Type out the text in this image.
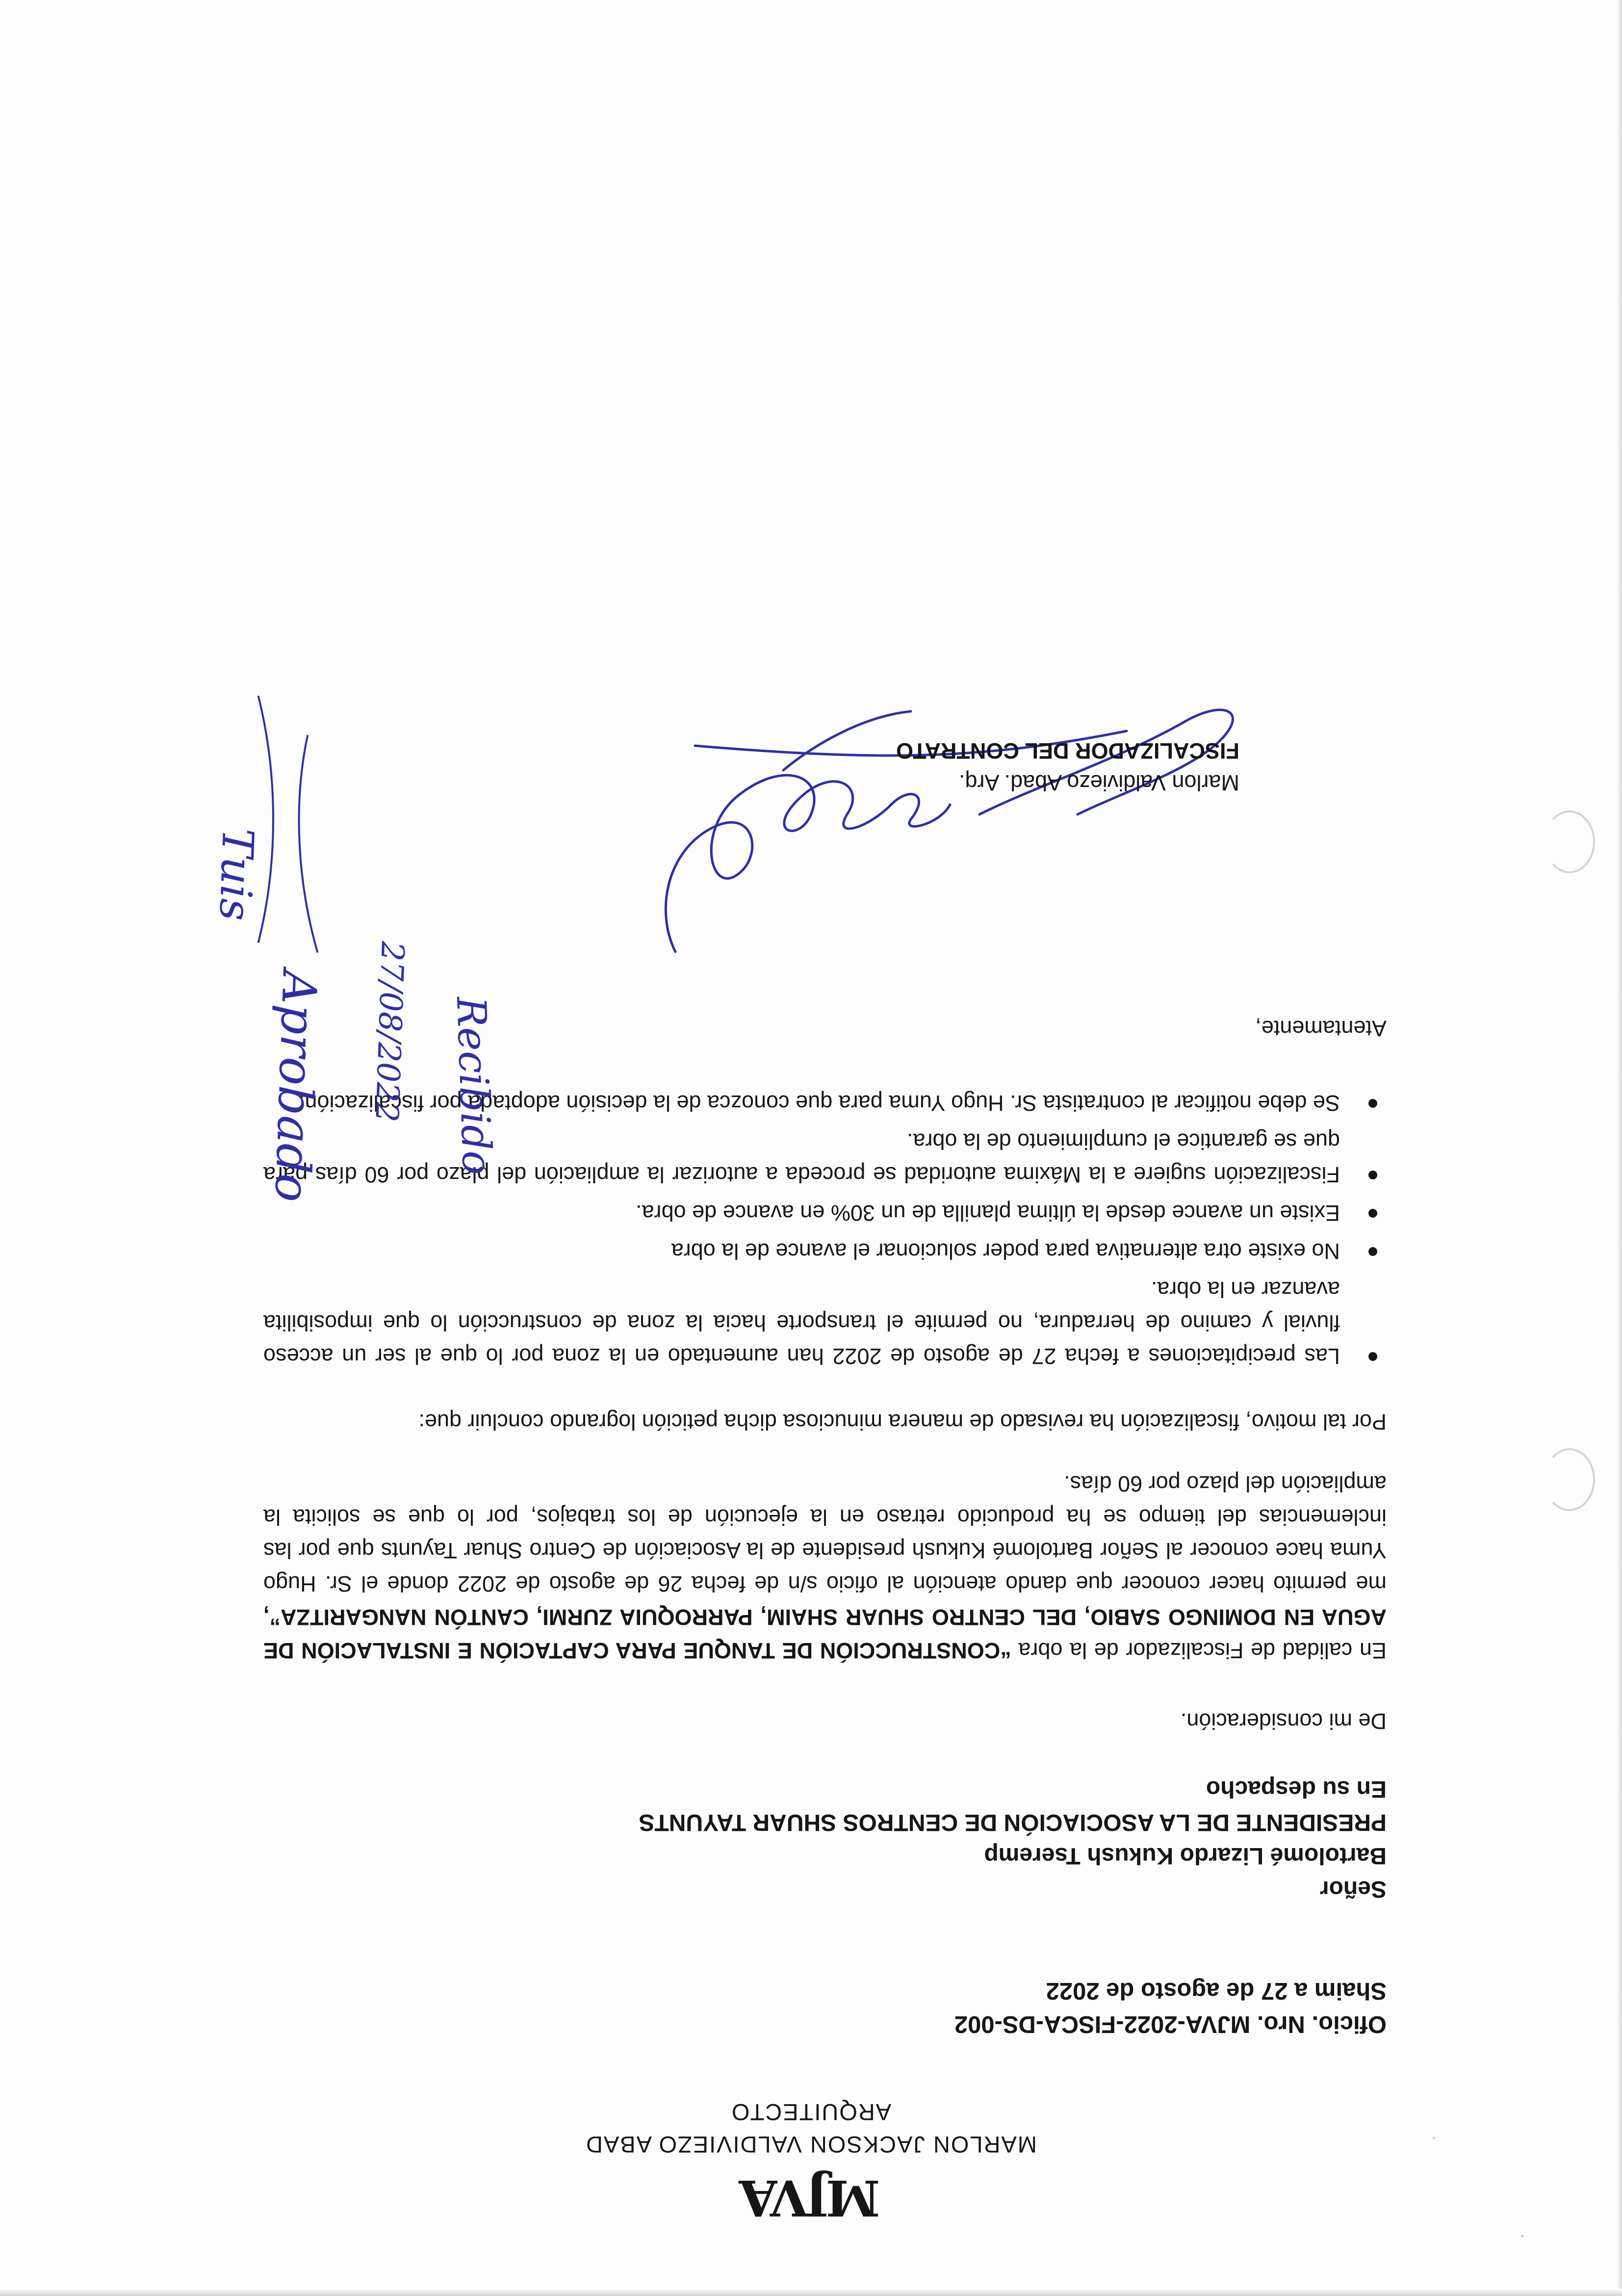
MJVA
MARLON JACKSON VALDIVIEZO ABAD
ARQUITECTO

Oficio. Nro. MJVA-2022-FISCA-DS-002

Shaim a 27 de agosto de 2022

Señor
Bartolomé Lizardo Kukush Tseremp
PRESIDENTE DE LA ASOCIACIÓN DE CENTROS SHUAR TAYUNTS
En su despacho

De mi consideración.

En calidad de Fiscalizador de la obra “CONSTRUCCIÓN DE TANQUE PARA CAPTACIÓN E INSTALACIÓN DE AGUA EN DOMINGO SABIO, DEL CENTRO SHUAR SHAIM, PARROQUIA ZURMI, CANTÓN NANGARITZA”, me permito hacer conocer que dando atención al oficio s/n de fecha 26 de agosto de 2022 donde el Sr. Hugo Yuma hace conocer al Señor Bartolomé Kukush presidente de la Asociación de Centro Shuar Tayunts que por las inclemencias del tiempo se ha producido retraso en la ejecución de los trabajos, por lo que se solicita la ampliación del plazo por 60 días.

Por tal motivo, fiscalización ha revisado de manera minuciosa dicha petición logrando concluir que:

Las precipitaciones a fecha 27 de agosto de 2022 han aumentado en la zona por lo que al ser un acceso fluvial y camino de herradura, no permite el transporte hacia la zona de construcción lo que imposibilita avanzar en la obra.
No existe otra alternativa para poder solucionar el avance de la obra
Existe un avance desde la última planilla de un 30% en avance de obra.
Fiscalización sugiere a la Máxima autoridad se proceda a autorizar la ampliación del plazo por 60 días para que se garantice el cumplimiento de la obra.
Se debe notificar al contratista Sr. Hugo Yuma para que conozca de la decisión adoptada por fiscalización.

Atentamente,

Marlon Valdiviezo Abad. Arq.
FISCALIZADOR DEL CONTRATO
Recibido
27/08/2022
Aprobado
Tuis
